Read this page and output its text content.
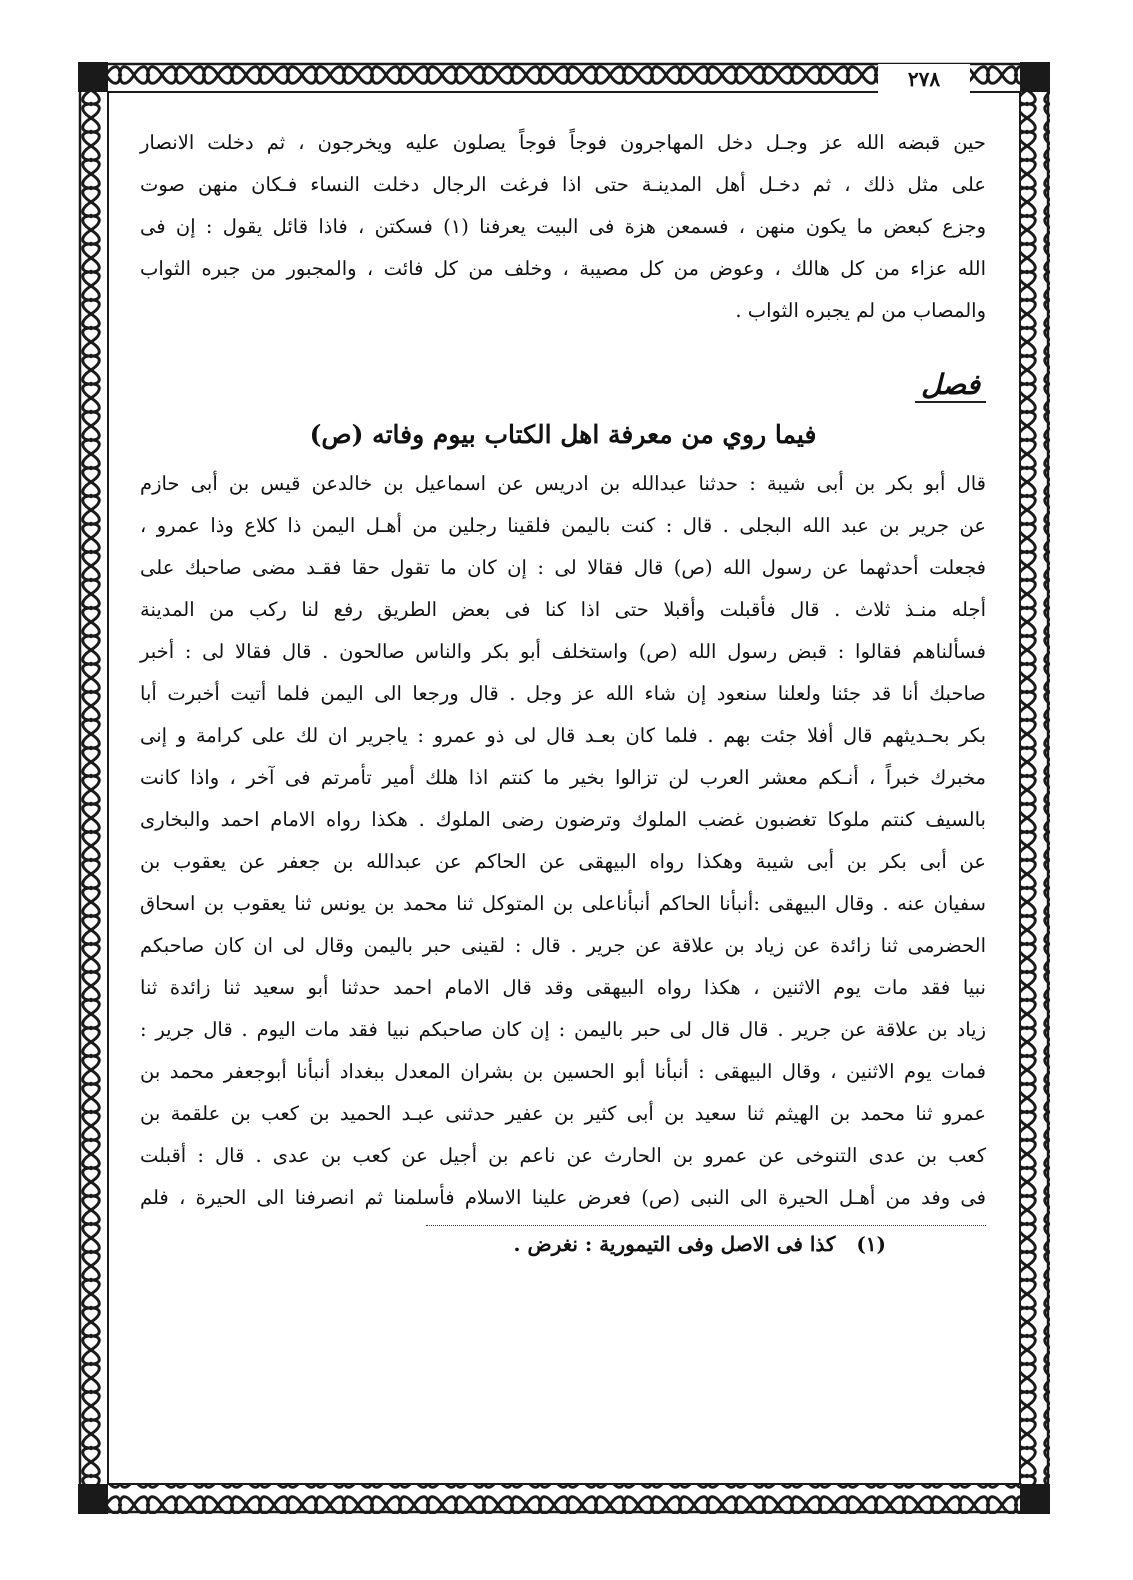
٢٧٨

حين قبضه الله عز وجـل دخل المهاجرون فوجاً فوجاً يصلون عليه ويخرجون ، ثم دخلت الانصار
على مثل ذلك ، ثم دخـل أهل المدينـة حتى اذا فرغت الرجال دخلت النساء فـكان منهن صوت
وجزع كبعض ما يكون منهن ، فسمعن هزة فى البيت يعرفنا (١) فسكتن ، فاذا قائل يقول : إن فى
الله عزاء من كل هالك ، وعوض من كل مصيبة ، وخلف من كل فائت ، والمجبور من جبره الثواب
والمصاب من لم يجبره الثواب .

فصل
فيما روي من معرفة اهل الكتاب بيوم وفاته (ص)

قال أبو بكر بن أبى شيبة : حدثنا عبدالله بن ادريس عن اسماعيل بن خالدعن قيس بن أبى حازم
عن جرير بن عبد الله البجلى . قال : كنت باليمن فلقينا رجلين من أهـل اليمن ذا كلاع وذا عمرو ،
فجعلت أحدثهما عن رسول الله (ص) قال فقالا لى : إن كان ما تقول حقا فقـد مضى صاحبك على
أجله منـذ ثلاث . قال فأقبلت وأقبلا حتى اذا كنا فى بعض الطريق رفع لنا ركب من المدينة
فسألناهم فقالوا : قبض رسول الله (ص) واستخلف أبو بكر والناس صالحون . قال فقالا لى : أخبر
صاحبك أنا قد جئنا ولعلنا سنعود إن شاء الله عز وجل . قال ورجعا الى اليمن فلما أتيت أخبرت أبا
بكر بحـديثهم قال أفلا جئت بهم . فلما كان بعـد قال لى ذو عمرو : ياجرير ان لك على كرامة و إنى
مخبرك خبراً ، أنـكم معشر العرب لن تزالوا بخير ما كنتم اذا هلك أمير تأمرتم فى آخر ، واذا كانت
بالسيف كنتم ملوكا تغضبون غضب الملوك وترضون رضى الملوك . هكذا رواه الامام احمد والبخارى
عن أبى بكر بن أبى شيبة وهكذا رواه البيهقى عن الحاكم عن عبدالله بن جعفر عن يعقوب بن
سفيان عنه . وقال البيهقى :أنبأنا الحاكم أنبأناعلى بن المتوكل ثنا محمد بن يونس ثنا يعقوب بن اسحاق
الحضرمى ثنا زائدة عن زياد بن علاقة عن جرير . قال : لقينى حبر باليمن وقال لى ان كان صاحبكم
نبيا فقد مات يوم الاثنين ، هكذا رواه البيهقى وقد قال الامام احمد حدثنا أبو سعيد ثنا زائدة ثنا
زياد بن علاقة عن جرير . قال قال لى حبر باليمن : إن كان صاحبكم نبيا فقد مات اليوم . قال جرير :
فمات يوم الاثنين ، وقال البيهقى : أنبأنا أبو الحسين بن بشران المعدل ببغداد أنبأنا أبوجعفر محمد بن
عمرو ثنا محمد بن الهيثم ثنا سعيد بن أبى كثير بن عفير حدثنى عبـد الحميد بن كعب بن علقمة بن
كعب بن عدى التنوخى عن عمرو بن الحارث عن ناعم بن أجيل عن كعب بن عدى . قال : أقبلت
فى وفد من أهـل الحيرة الى النبى (ص) فعرض علينا الاسلام فأسلمنا ثم انصرفنا الى الحيرة ، فلم

(١)   كذا فى الاصل وفى التيمورية : نغرض .
